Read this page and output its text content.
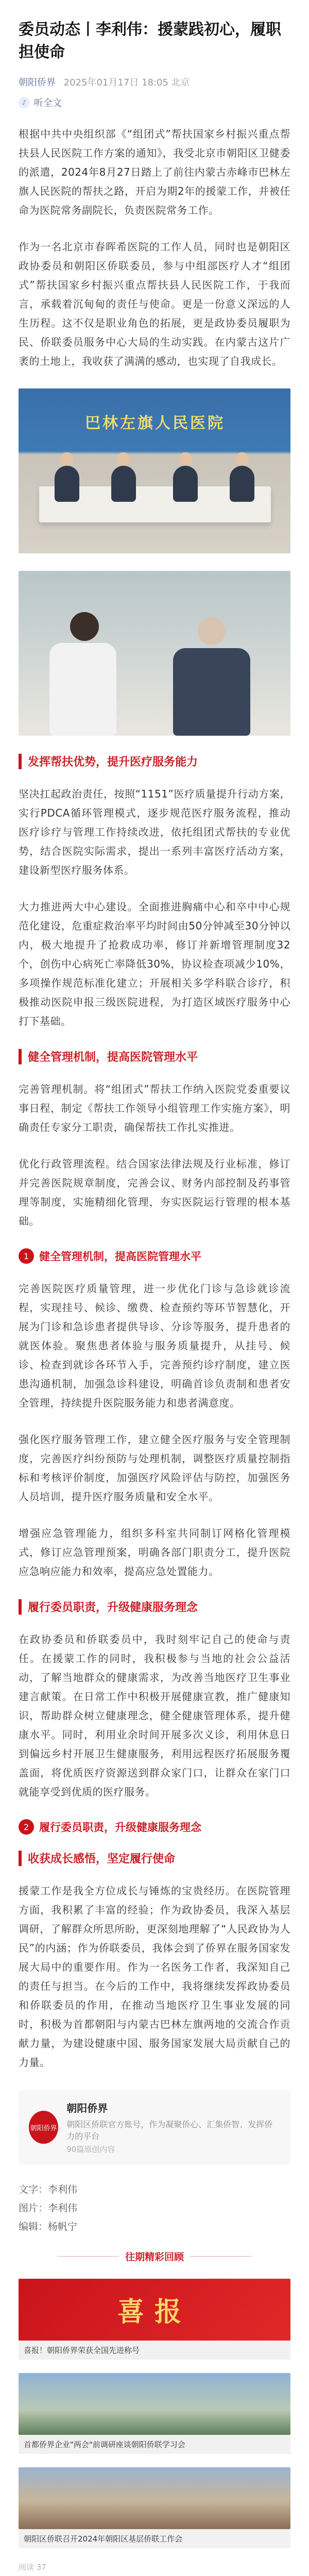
委员动态丨李利伟：援蒙践初心，履职担使命
朝阳侨界 2025年01月17日 18:05 北京
♪ 听全文

根据中共中央组织部《“组团式”帮扶国家乡村振兴重点帮扶县人民医院工作方案的通知》，我受北京市朝阳区卫健委的派遣，2024年8月27日踏上了前往内蒙古赤峰市巴林左旗人民医院的帮扶之路，开启为期2年的援蒙工作，并被任命为医院常务副院长，负责医院常务工作。

作为一名北京市春晖希医院的工作人员，同时也是朝阳区政协委员和朝阳区侨联委员，参与中组部医疗人才“组团式”帮扶国家乡村振兴重点帮扶县人民医院工作，于我而言，承载着沉甸甸的责任与使命。更是一份意义深远的人生历程。这不仅是职业角色的拓展，更是政协委员履职为民、侨联委员服务中心大局的生动实践。在内蒙古这片广袤的土地上，我收获了满满的感动，也实现了自我成长。

巴林左旗人民医院
发挥帮扶优势，提升医疗服务能力

坚决扛起政治责任，按照“1151”医疗质量提升行动方案，实行PDCA循环管理模式，逐步规范医疗服务流程，推动医疗诊疗与管理工作持续改进，依托组团式帮扶的专业优势，结合医院实际需求，提出一系列丰富医疗活动方案，建设新型医疗服务体系。

大力推进两大中心建设。全面推进胸痛中心和卒中中心规范化建设，危重症救治率平均时间由50分钟减至30分钟以内，极大地提升了抢救成功率，修订并新增管理制度32个，创伤中心病死亡率降低30%，协议检查项减少10%，多项操作规范标准化建立；开展相关多学科联合诊疗，积极推动医院申报三级医院进程，为打造区域医疗服务中心打下基础。

健全管理机制，提高医院管理水平

完善管理机制。将“组团式”帮扶工作纳入医院党委重要议事日程，制定《帮扶工作领导小组管理工作实施方案》，明确责任专家分工职责，确保帮扶工作扎实推进。

优化行政管理流程。结合国家法律法规及行业标准，修订并完善医院规章制度，完善会议、财务内部控制及药事管理等制度，实施精细化管理，夯实医院运行管理的根本基础。

1 健全管理机制，提高医院管理水平

完善医院医疗质量管理，进一步优化门诊与急诊就诊流程，实现挂号、候诊、缴费、检查预约等环节智慧化，开展为门诊和急诊患者提供导诊、分诊等服务，提升患者的就医体验。聚焦患者体验与服务质量提升，从挂号、候诊、检查到就诊各环节入手，完善预约诊疗制度，建立医患沟通机制，加强急诊科建设，明确首诊负责制和患者安全管理，持续提升医院服务能力和患者满意度。

强化医疗服务管理工作，建立健全医疗服务与安全管理制度，完善医疗纠纷预防与处理机制，调整医疗质量控制指标和考核评价制度，加强医疗风险评估与防控，加强医务人员培训，提升医疗服务质量和安全水平。

增强应急管理能力，组织多科室共同制订网格化管理模式，修订应急管理预案，明确各部门职责分工，提升医院应急响应能力和效率，提高应急处置能力。

履行委员职责，升级健康服务理念

在政协委员和侨联委员中，我时刻牢记自己的使命与责任。在援蒙工作的同时，我积极参与当地的社会公益活动，了解当地群众的健康需求，为改善当地医疗卫生事业建言献策。在日常工作中积极开展健康宣教，推广健康知识，帮助群众树立健康理念，健全健康管理体系，提升健康水平。同时，利用业余时间开展多次义诊，利用休息日到偏远乡村开展卫生健康服务，利用远程医疗拓展服务覆盖面，将优质医疗资源送到群众家门口，让群众在家门口就能享受到优质的医疗服务。

2 履行委员职责，升级健康服务理念
收获成长感悟，坚定履行使命

援蒙工作是我全方位成长与锤炼的宝贵经历。在医院管理方面，我积累了丰富的经验；作为政协委员，我深入基层调研，了解群众所思所盼，更深刻地理解了“人民政协为人民”的内涵；作为侨联委员，我体会到了侨界在服务国家发展大局中的重要作用。作为一名医务工作者，我深知自己的责任与担当。在今后的工作中，我将继续发挥政协委员和侨联委员的作用，在推动当地医疗卫生事业发展的同时，积极为首都朝阳与内蒙古巴林左旗两地的交流合作贡献力量，为建设健康中国、服务国家发展大局贡献自己的力量。

朝阳侨界
朝阳侨界
朝阳区侨联官方账号，作为凝聚侨心、汇集侨智、发挥侨力的平台
90篇原创内容
文字：李利伟
图片：李利伟
编辑：杨帆宁
往期精彩回顾
喜报
喜报！朝阳侨界荣获全国先进称号
首都侨界企业"两会"前调研座谈朝阳侨联学习会
朝阳区侨联召开2024年朝阳区基层侨联工作会
阅读 37
